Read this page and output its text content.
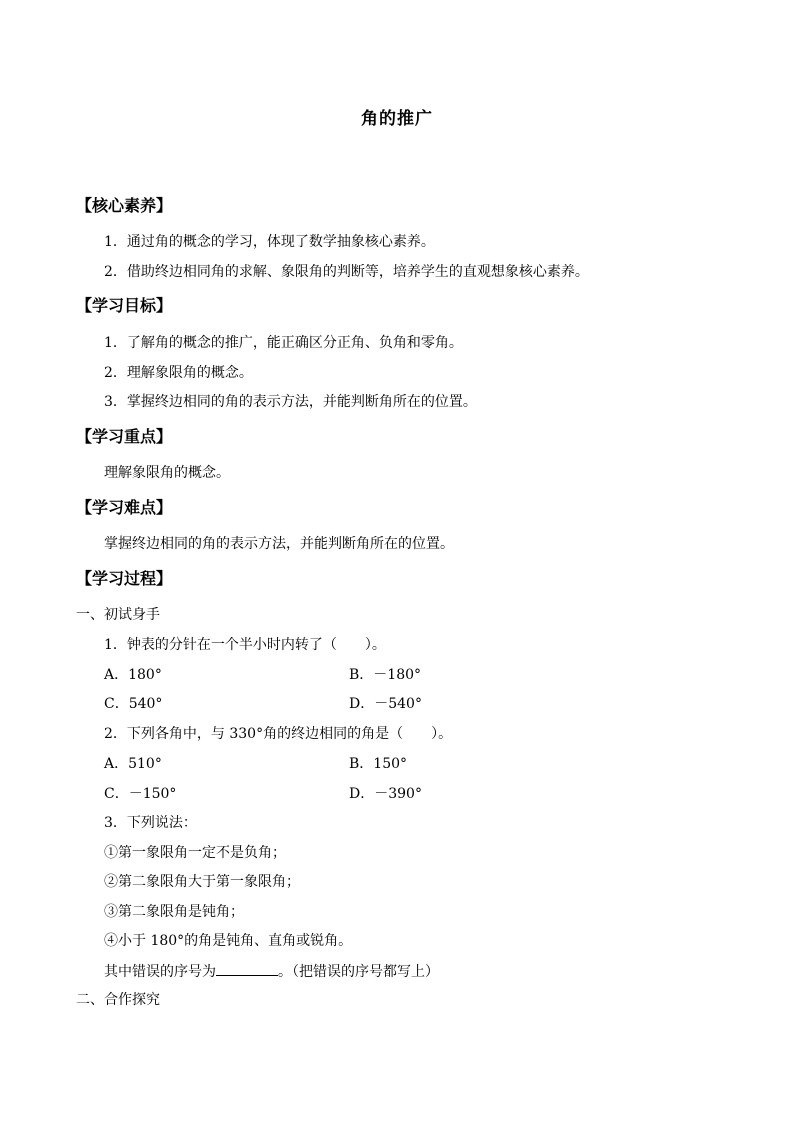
角的推广
【核心素养】
1．通过角的概念的学习，体现了数学抽象核心素养。
2．借助终边相同角的求解、象限角的判断等，培养学生的直观想象核心素养。
【学习目标】
1．了解角的概念的推广，能正确区分正角、负角和零角。
2．理解象限角的概念。
3．掌握终边相同的角的表示方法，并能判断角所在的位置。
【学习重点】
理解象限角的概念。
【学习难点】
掌握终边相同的角的表示方法，并能判断角所在的位置。
【学习过程】
一、初试身手
1．钟表的分针在一个半小时内转了（　　）。
A．180°	B．－180°
C．540°	D．－540°
2．下列各角中，与 330°角的终边相同的角是（　　）。
A．510°	B．150°
C．－150°	D．－390°
3．下列说法：
①第一象限角一定不是负角；
②第二象限角大于第一象限角；
③第二象限角是钝角；
④小于 180°的角是钝角、直角或锐角。
其中错误的序号为	。（把错误的序号都写上）
二、合作探究
